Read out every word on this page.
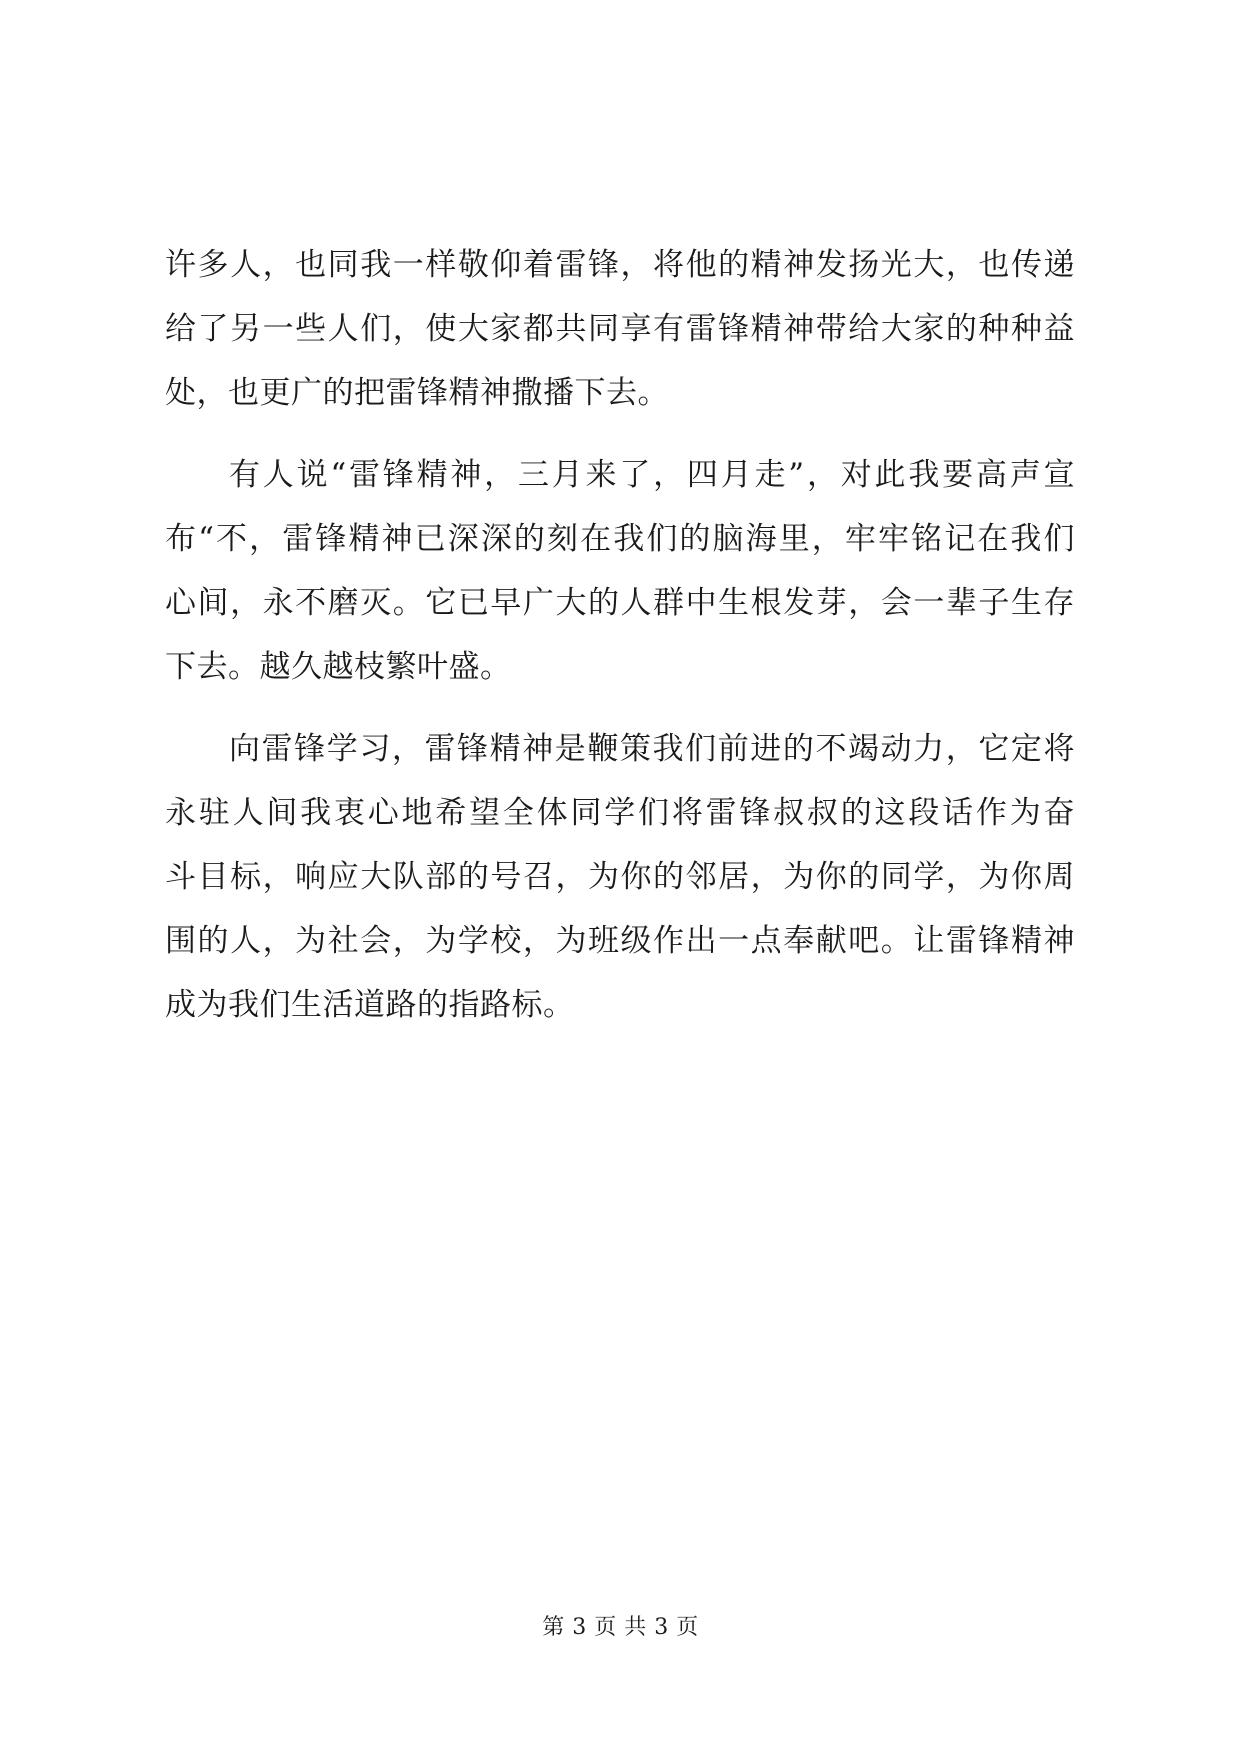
许多人，也同我一样敬仰着雷锋，将他的精神发扬光大，也传递
给了另一些人们，使大家都共同享有雷锋精神带给大家的种种益
处，也更广的把雷锋精神撒播下去。
有人说“雷锋精神，三月来了，四月走”，对此我要高声宣
布“不，雷锋精神已深深的刻在我们的脑海里，牢牢铭记在我们
心间，永不磨灭。它已早广大的人群中生根发芽，会一辈子生存
下去。越久越枝繁叶盛。
向雷锋学习，雷锋精神是鞭策我们前进的不竭动力，它定将
永驻人间我衷心地希望全体同学们将雷锋叔叔的这段话作为奋
斗目标，响应大队部的号召，为你的邻居，为你的同学，为你周
围的人，为社会，为学校，为班级作出一点奉献吧。让雷锋精神
成为我们生活道路的指路标。
第 3 页 共 3 页
